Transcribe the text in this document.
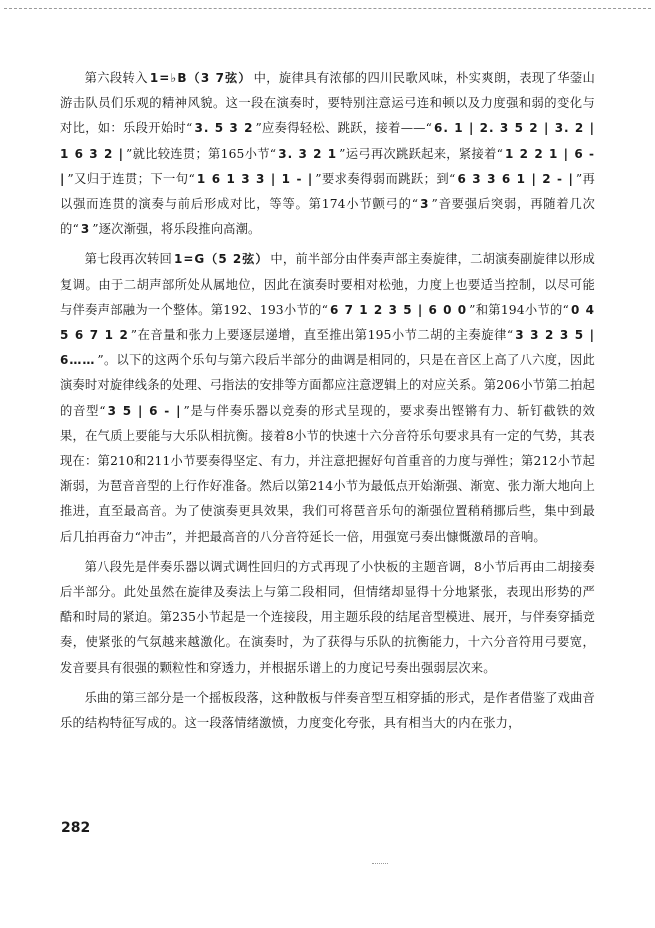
第六段转入 1=♭B（3 7弦） 中，旋律具有浓郁的四川民歌风味，朴实爽朗，表现了华蓥山游击队员们乐观的精神风貌。这一段在演奏时，要特别注意运弓连和顿以及力度强和弱的变化与对比，如：乐段开始时“ 3. 5 3 2 ”应奏得轻松、跳跃，接着——“ 6. 1 | 2. 3 5 2 | 3. 2 | 1 6 3 2 | ”就比较连贯；第165小节“ 3. 3 2 1 ”运弓再次跳跃起来，紧接着“ 1 2 2 1 | 6 - | ”又归于连贯；下一句“ 1 6 1 3 3 | 1 - | ”要求奏得弱而跳跃；到“ 6 3 3 6 1 | 2 - | ”再以强而连贯的演奏与前后形成对比，等等。第174小节颤弓的“ 3 ”音要强后突弱，再随着几次的“ 3 ”逐次渐强，将乐段推向高潮。

第七段再次转回 1=G（5 2弦） 中，前半部分由伴奏声部主奏旋律，二胡演奏副旋律以形成复调。由于二胡声部所处从属地位，因此在演奏时要相对松弛，力度上也要适当控制，以尽可能与伴奏声部融为一个整体。第192、193小节的“ 6 7 1 2 3 5 | 6 0 0 ”和第194小节的“ 0 4 5 6 7 1 2 ”在音量和张力上要逐层递增，直至推出第195小节二胡的主奏旋律“ 3 3 2 3 5 | 6…… ”。以下的这两个乐句与第六段后半部分的曲调是相同的，只是在音区上高了八六度，因此演奏时对旋律线条的处理、弓指法的安排等方面都应注意逻辑上的对应关系。第206小节第二拍起的音型“ 3 5 | 6 - | ”是与伴奏乐器以竞奏的形式呈现的，要求奏出铿锵有力、斩钉截铁的效果，在气质上要能与大乐队相抗衡。接着8小节的快速十六分音符乐句要求具有一定的气势，其表现在：第210和211小节要奏得坚定、有力，并注意把握好句首重音的力度与弹性；第212小节起渐弱，为琶音音型的上行作好准备。然后以第214小节为最低点开始渐强、渐宽、张力渐大地向上推进，直至最高音。为了使演奏更具效果，我们可将琶音乐句的渐强位置稍稍挪后些，集中到最后几拍再奋力“冲击”，并把最高音的八分音符延长一倍，用强宽弓奏出慷慨激昂的音响。

第八段先是伴奏乐器以调式调性回归的方式再现了小快板的主题音调，8小节后再由二胡接奏后半部分。此处虽然在旋律及奏法上与第二段相同，但情绪却显得十分地紧张，表现出形势的严酷和时局的紧迫。第235小节起是一个连接段，用主题乐段的结尾音型模进、展开，与伴奏穿插竞奏，使紧张的气氛越来越激化。在演奏时，为了获得与乐队的抗衡能力，十六分音符用弓要宽，发音要具有很强的颗粒性和穿透力，并根据乐谱上的力度记号奏出强弱层次来。

乐曲的第三部分是一个摇板段落，这种散板与伴奏音型互相穿插的形式，是作者借鉴了戏曲音乐的结构特征写成的。这一段落情绪激愤，力度变化夸张，具有相当大的内在张力，

282
